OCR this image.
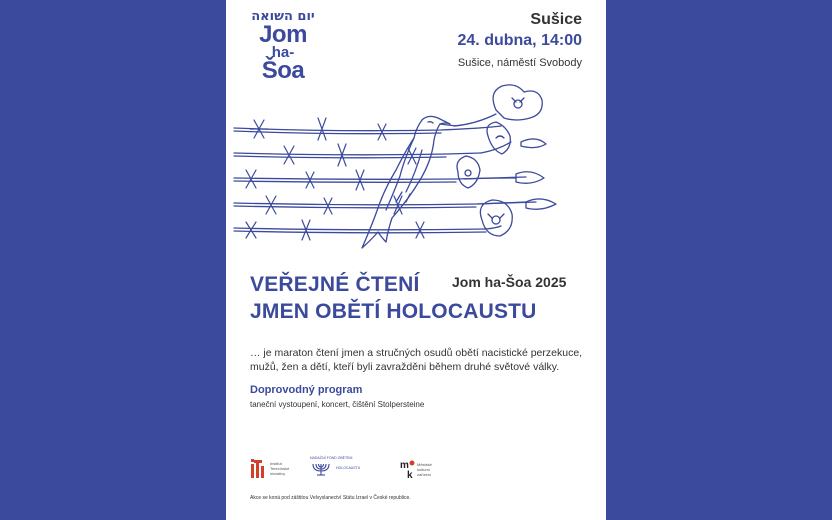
יום השואה
Jom
ha-
Šoa
Sušice
24. dubna, 14:00
Sušice, náměstí Svobody
VEŘEJNÉ ČTENÍ
JMEN OBĚTÍ HOLOCAUSTU
Jom ha-Šoa 2025
… je maraton čtení jmen a stručných osudů obětí nacistické perzekuce, mužů, žen a dětí, kteří byli zavražděni během druhé světové války.
Doprovodný program
taneční vystoupení, koncert, čištění Stolpersteine
Institut
Terezínské
iniciativy
NADAČNÍ FOND OBĚTEM
HOLOCAUSTU	m
k
Městské
kulturní
zařízení
Akce se koná pod záštitou Velvyslanectví Státu Izrael v České republice.
